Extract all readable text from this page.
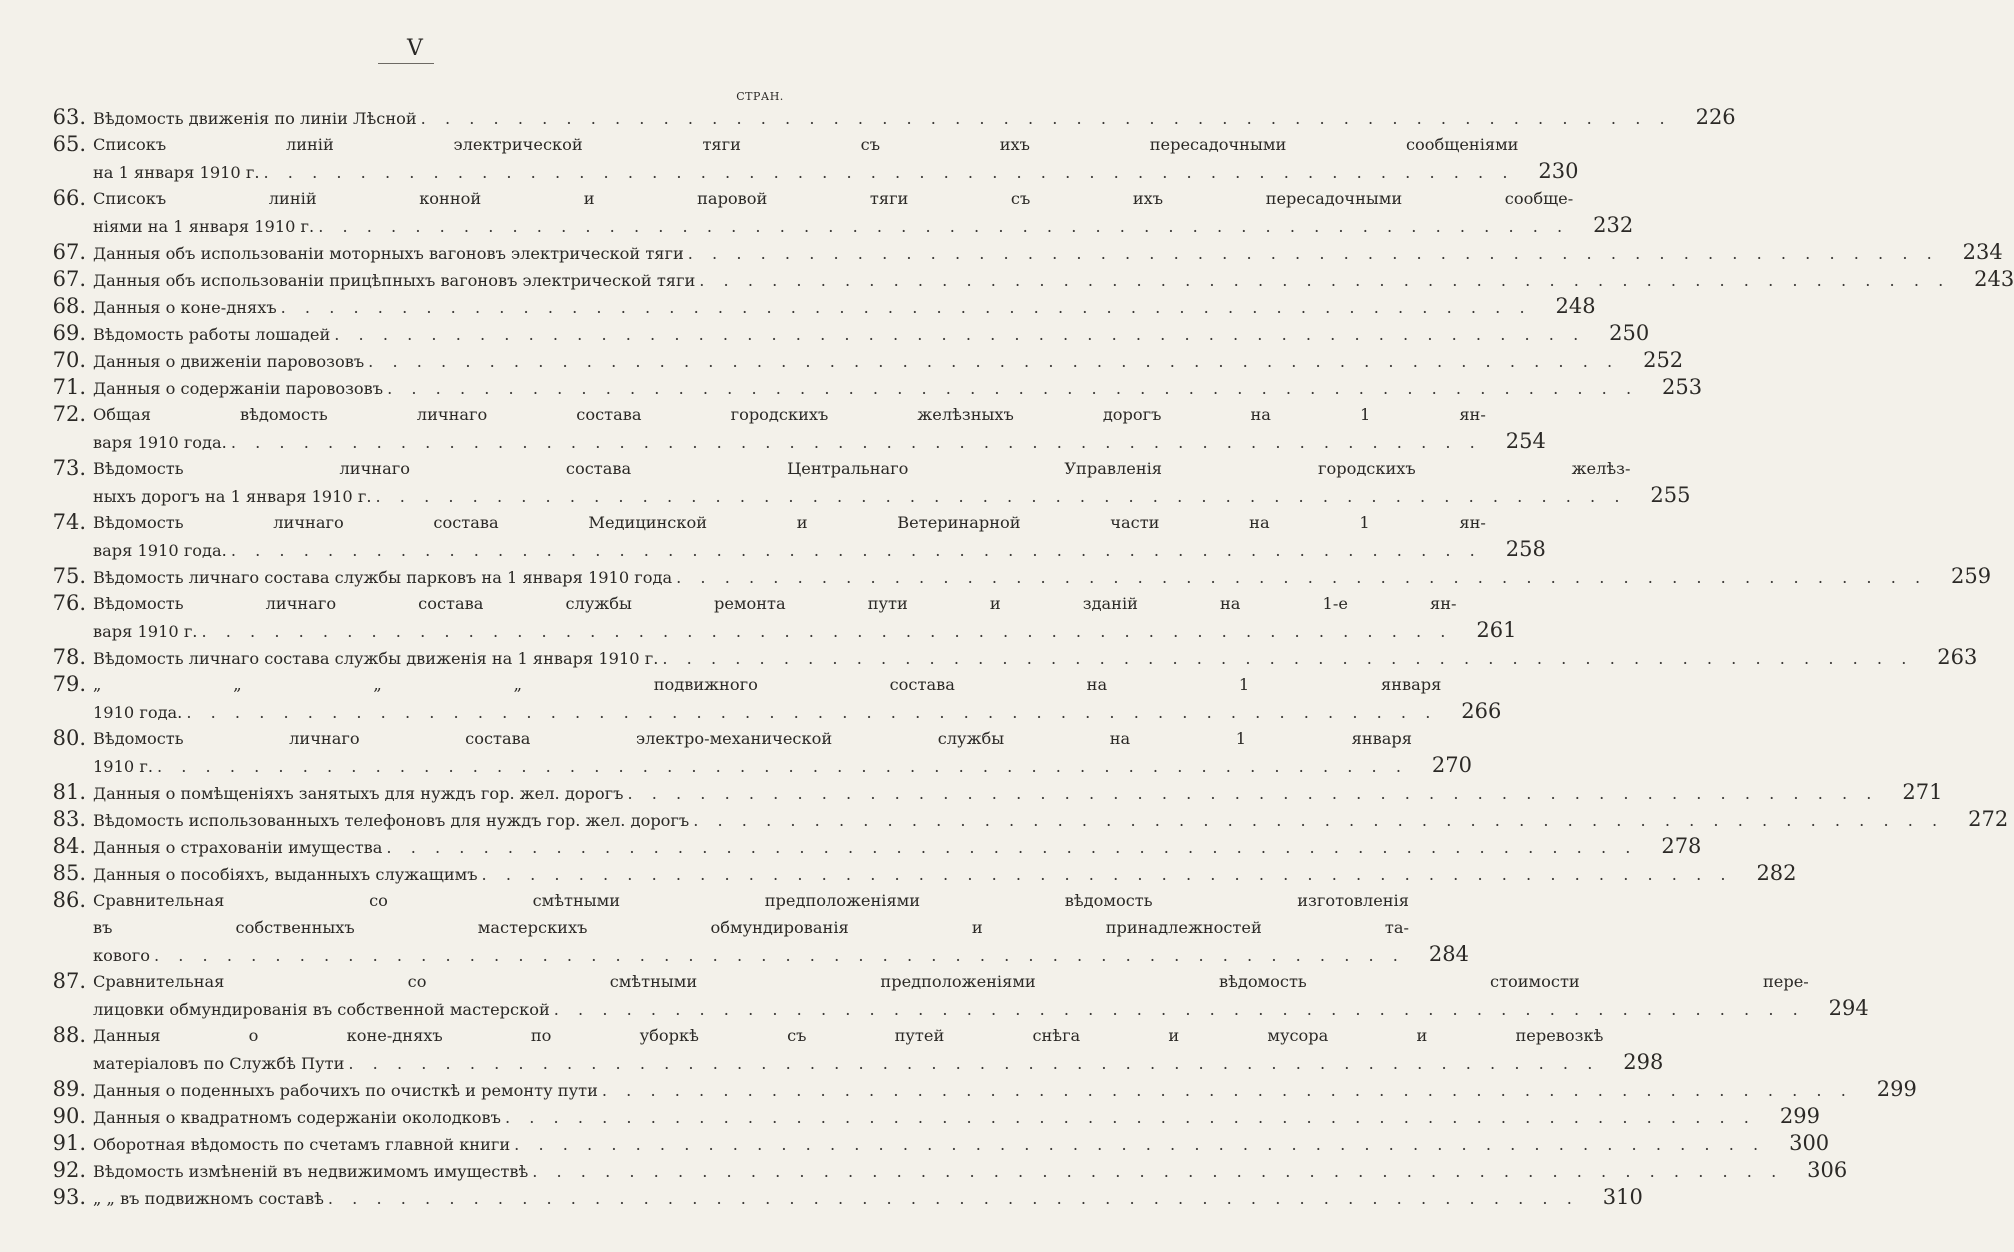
V
СТРАН.
63. Вѣдомость движенія по линіи Лѣсной . . . . . . . . . . . . . . . . . . . . . . . . . . . . . . . . . . . . . . . . . . . . . . . . . . . .	226
65. Списокъ линій электрической тяги съ ихъ пересадочными сообщеніями
на 1 января 1910 г. . . . . . . . . . . . . . . . . . . . . . . . . . . . . . . . . . . . . . . . . . . . . . . . . . . . .	230
66. Списокъ линій конной и паровой тяги съ ихъ пересадочными сообще-
ніями на 1 января 1910 г. . . . . . . . . . . . . . . . . . . . . . . . . . . . . . . . . . . . . . . . . . . . . . . . . . . . .	232
67. Данныя объ использованіи моторныхъ вагоновъ электрической тяги . . . . . . . . . . . . . . . . . . . . . . . . . . . . . . . . . . . . . . . . . . . . . . . . . . . .	234
67. Данныя объ использованіи прицѣпныхъ вагоновъ электрической тяги . . . . . . . . . . . . . . . . . . . . . . . . . . . . . . . . . . . . . . . . . . . . . . . . . . . .	243
68. Данныя о коне-дняхъ . . . . . . . . . . . . . . . . . . . . . . . . . . . . . . . . . . . . . . . . . . . . . . . . . . . .	248
69. Вѣдомость работы лошадей . . . . . . . . . . . . . . . . . . . . . . . . . . . . . . . . . . . . . . . . . . . . . . . . . . . .	250
70. Данныя о движеніи паровозовъ . . . . . . . . . . . . . . . . . . . . . . . . . . . . . . . . . . . . . . . . . . . . . . . . . . . .	252
71. Данныя о содержаніи паровозовъ . . . . . . . . . . . . . . . . . . . . . . . . . . . . . . . . . . . . . . . . . . . . . . . . . . . .	253
72. Общая вѣдомость личнаго состава городскихъ желѣзныхъ дорогъ на 1 ян-
варя 1910 года. . . . . . . . . . . . . . . . . . . . . . . . . . . . . . . . . . . . . . . . . . . . . . . . . . . . .	254
73. Вѣдомость личнаго состава Центральнаго Управленія городскихъ желѣз-
ныхъ дорогъ на 1 января 1910 г. . . . . . . . . . . . . . . . . . . . . . . . . . . . . . . . . . . . . . . . . . . . . . . . . . . . .	255
74. Вѣдомость личнаго состава Медицинской и Ветеринарной части на 1 ян-
варя 1910 года. . . . . . . . . . . . . . . . . . . . . . . . . . . . . . . . . . . . . . . . . . . . . . . . . . . . .	258
75. Вѣдомость личнаго состава службы парковъ на 1 января 1910 года . . . . . . . . . . . . . . . . . . . . . . . . . . . . . . . . . . . . . . . . . . . . . . . . . . . .	259
76. Вѣдомость личнаго состава службы ремонта пути и зданій на 1-е ян-
варя 1910 г. . . . . . . . . . . . . . . . . . . . . . . . . . . . . . . . . . . . . . . . . . . . . . . . . . . . .	261
78. Вѣдомость личнаго состава службы движенія на 1 января 1910 г. . . . . . . . . . . . . . . . . . . . . . . . . . . . . . . . . . . . . . . . . . . . . . . . . . . . .	263
79. „ „ „ „ подвижного состава на 1 января
1910 года. . . . . . . . . . . . . . . . . . . . . . . . . . . . . . . . . . . . . . . . . . . . . . . . . . . . .	266
80. Вѣдомость личнаго состава электро-механической службы на 1 января
1910 г. . . . . . . . . . . . . . . . . . . . . . . . . . . . . . . . . . . . . . . . . . . . . . . . . . . . .	270
81. Данныя о помѣщеніяхъ занятыхъ для нуждъ гор. жел. дорогъ . . . . . . . . . . . . . . . . . . . . . . . . . . . . . . . . . . . . . . . . . . . . . . . . . . . .	271
83. Вѣдомость использованныхъ телефоновъ для нуждъ гор. жел. дорогъ . . . . . . . . . . . . . . . . . . . . . . . . . . . . . . . . . . . . . . . . . . . . . . . . . . . .	272
84. Данныя о страхованіи имущества . . . . . . . . . . . . . . . . . . . . . . . . . . . . . . . . . . . . . . . . . . . . . . . . . . . .	278
85. Данныя о пособіяхъ, выданныхъ служащимъ . . . . . . . . . . . . . . . . . . . . . . . . . . . . . . . . . . . . . . . . . . . . . . . . . . . .	282
86. Сравнительная со смѣтными предположеніями вѣдомость изготовленія
въ собственныхъ мастерскихъ обмундированія и принадлежностей та-
кового . . . . . . . . . . . . . . . . . . . . . . . . . . . . . . . . . . . . . . . . . . . . . . . . . . . .	284
87. Сравнительная со смѣтными предположеніями вѣдомость стоимости пере-
лицовки обмундированія въ собственной мастерской . . . . . . . . . . . . . . . . . . . . . . . . . . . . . . . . . . . . . . . . . . . . . . . . . . . .	294
88. Данныя о коне-дняхъ по уборкѣ съ путей снѣга и мусора и перевозкѣ
матеріаловъ по Службѣ Пути . . . . . . . . . . . . . . . . . . . . . . . . . . . . . . . . . . . . . . . . . . . . . . . . . . . .	298
89. Данныя о поденныхъ рабочихъ по очисткѣ и ремонту пути . . . . . . . . . . . . . . . . . . . . . . . . . . . . . . . . . . . . . . . . . . . . . . . . . . . .	299
90. Данныя о квадратномъ содержаніи околодковъ . . . . . . . . . . . . . . . . . . . . . . . . . . . . . . . . . . . . . . . . . . . . . . . . . . . .	299
91. Оборотная вѣдомость по счетамъ главной книги . . . . . . . . . . . . . . . . . . . . . . . . . . . . . . . . . . . . . . . . . . . . . . . . . . . .	300
92. Вѣдомость измѣненій въ недвижимомъ имуществѣ . . . . . . . . . . . . . . . . . . . . . . . . . . . . . . . . . . . . . . . . . . . . . . . . . . . .	306
93. „ „ въ подвижномъ составѣ . . . . . . . . . . . . . . . . . . . . . . . . . . . . . . . . . . . . . . . . . . . . . . . . . . . .	310
